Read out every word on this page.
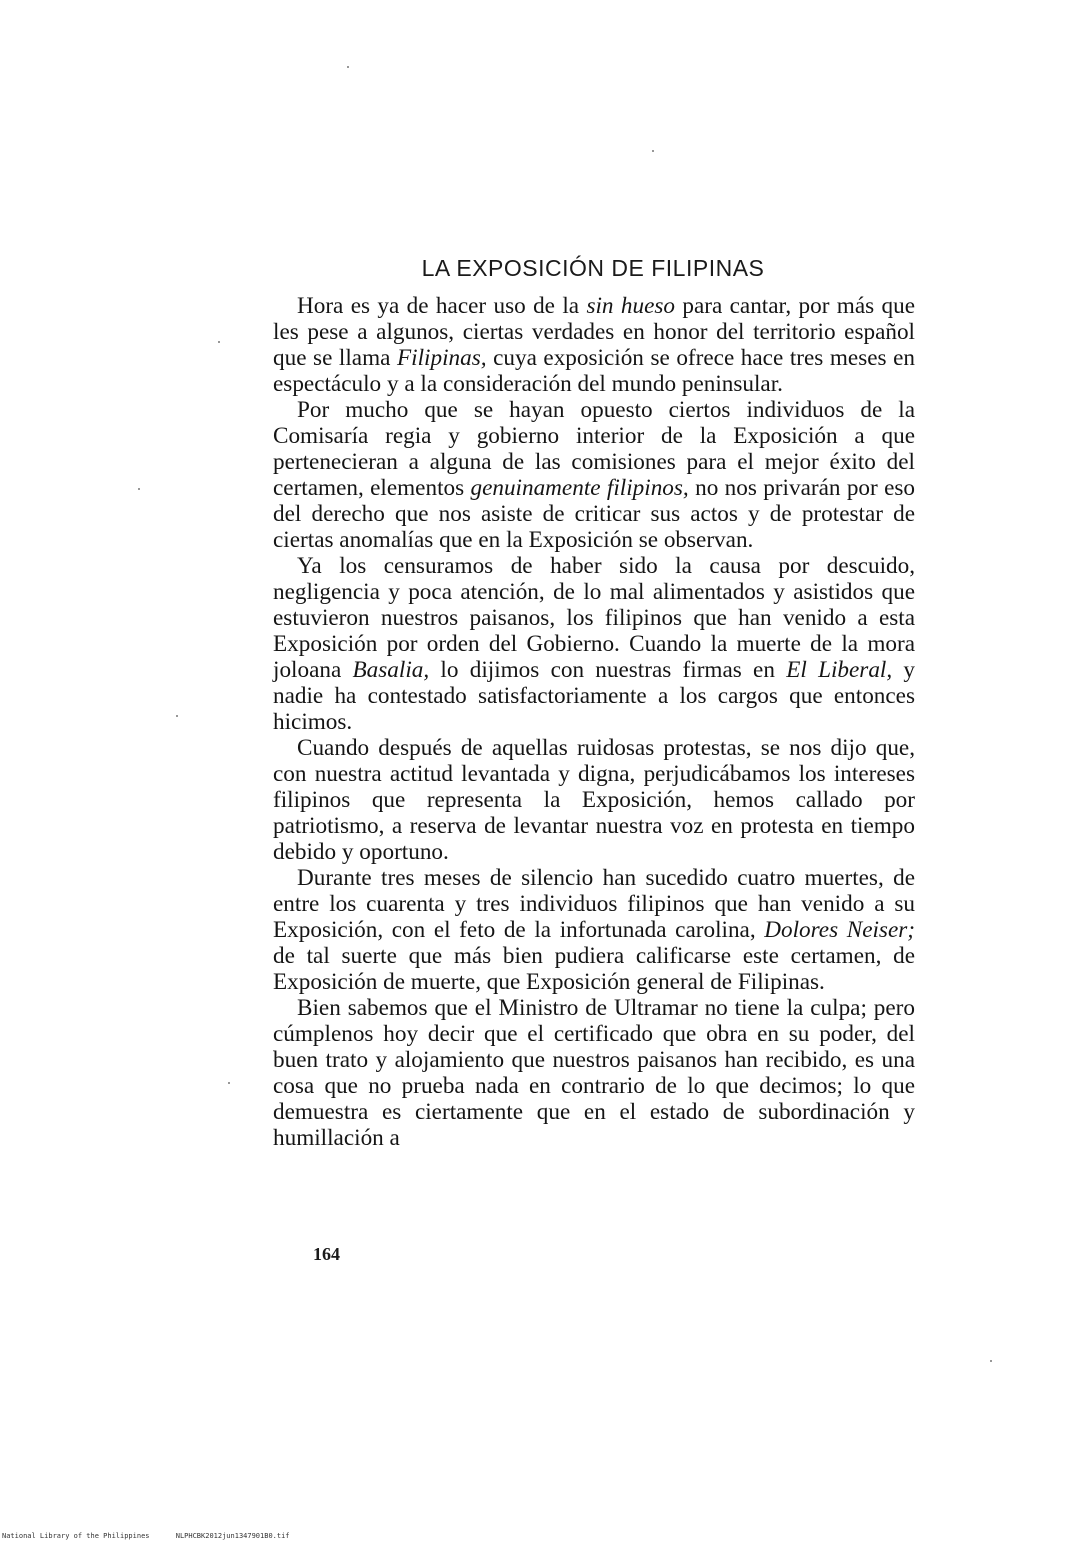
LA EXPOSICIÓN DE FILIPINAS

Hora es ya de hacer uso de la sin hueso para cantar, por más que les pese a algunos, ciertas verdades en honor del territorio español que se llama Filipinas, cuya exposición se ofrece hace tres meses en espectáculo y a la consideración del mundo peninsular.

Por mucho que se hayan opuesto ciertos individuos de la Comisaría regia y gobierno interior de la Exposición a que pertenecieran a alguna de las comisiones para el mejor éxito del certamen, elementos genuinamente filipinos, no nos privarán por eso del derecho que nos asiste de criticar sus actos y de protestar de ciertas anomalías que en la Exposición se observan.

Ya los censuramos de haber sido la causa por descuido, negligencia y poca atención, de lo mal alimentados y asistidos que estuvieron nuestros paisanos, los filipinos que han venido a esta Exposición por orden del Gobierno. Cuando la muerte de la mora joloana Basalia, lo dijimos con nuestras firmas en El Liberal, y nadie ha contestado satisfactoriamente a los cargos que entonces hicimos.

Cuando después de aquellas ruidosas protestas, se nos dijo que, con nuestra actitud levantada y digna, perjudicábamos los intereses filipinos que representa la Exposición, hemos callado por patriotismo, a reserva de levantar nuestra voz en protesta en tiempo debido y oportuno.

Durante tres meses de silencio han sucedido cuatro muertes, de entre los cuarenta y tres individuos filipinos que han venido a su Exposición, con el feto de la infortunada carolina, Dolores Neiser; de tal suerte que más bien pudiera calificarse este certamen, de Exposición de muerte, que Exposición general de Filipinas.

Bien sabemos que el Ministro de Ultramar no tiene la culpa; pero cúmplenos hoy decir que el certificado que obra en su poder, del buen trato y alojamiento que nuestros paisanos han recibido, es una cosa que no prueba nada en contrario de lo que decimos; lo que demuestra es ciertamente que en el estado de subordinación y humillación a

164
National Library of the Philippines	NLPHCBK2012jun1347901B0.tif
